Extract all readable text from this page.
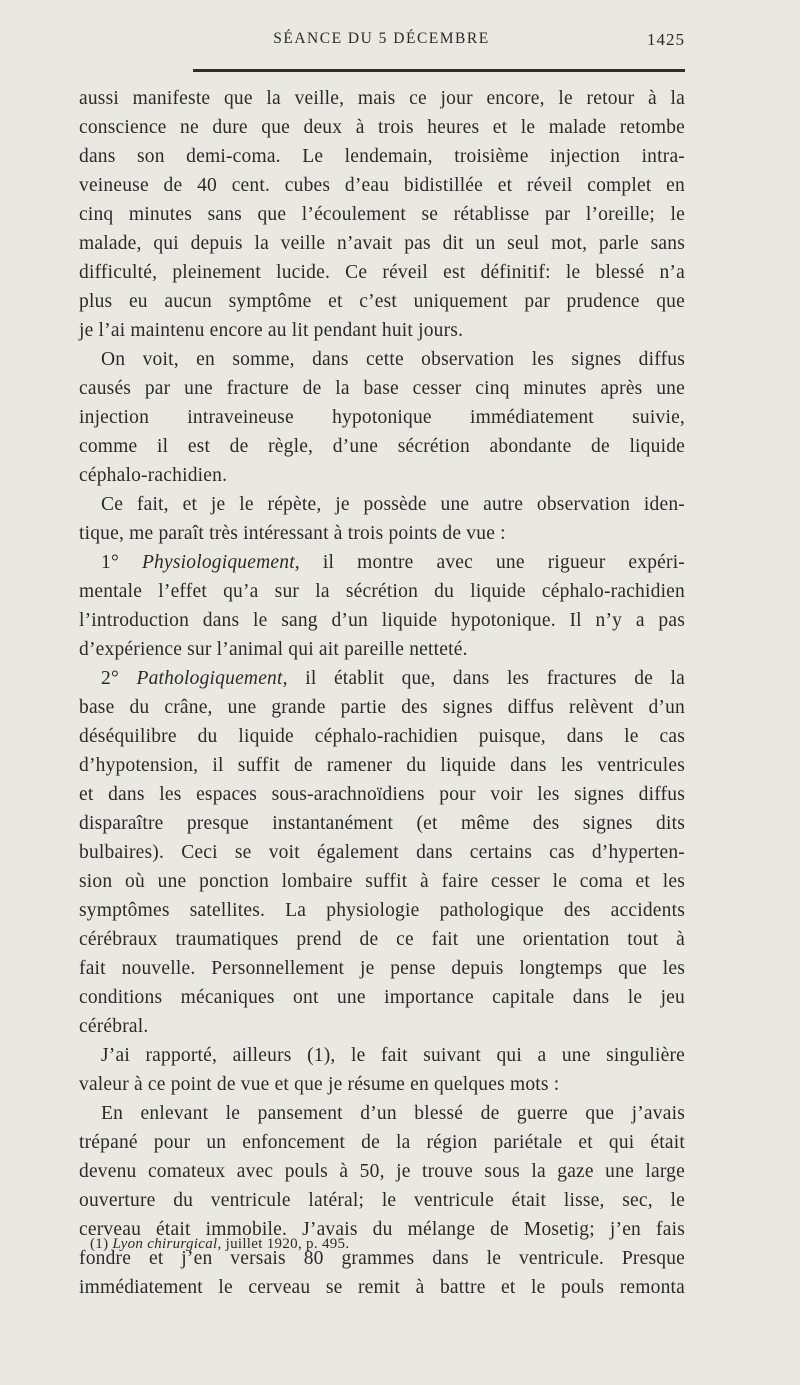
SÉANCE DU 5 DÉCEMBRE	1425
aussi manifeste que la veille, mais ce jour encore, le retour à la
conscience ne dure que deux à trois heures et le malade retombe
dans son demi-coma. Le lendemain, troisième injection intra-
veineuse de 40 cent. cubes d’eau bidistillée et réveil complet en
cinq minutes sans que l’écoulement se rétablisse par l’oreille; le
malade, qui depuis la veille n’avait pas dit un seul mot, parle sans
difficulté, pleinement lucide. Ce réveil est définitif: le blessé n’a
plus eu aucun symptôme et c’est uniquement par prudence que
je l’ai maintenu encore au lit pendant huit jours.
On voit, en somme, dans cette observation les signes diffus
causés par une fracture de la base cesser cinq minutes après une
injection intraveineuse hypotonique immédiatement suivie,
comme il est de règle, d’une sécrétion abondante de liquide
céphalo-rachidien.
Ce fait, et je le répète, je possède une autre observation iden-
tique, me paraît très intéressant à trois points de vue :
1° Physiologiquement, il montre avec une rigueur expéri-
mentale l’effet qu’a sur la sécrétion du liquide céphalo-rachidien
l’introduction dans le sang d’un liquide hypotonique. Il n’y a pas
d’expérience sur l’animal qui ait pareille netteté.
2° Pathologiquement, il établit que, dans les fractures de la
base du crâne, une grande partie des signes diffus relèvent d’un
déséquilibre du liquide céphalo-rachidien puisque, dans le cas
d’hypotension, il suffit de ramener du liquide dans les ventricules
et dans les espaces sous-arachnoïdiens pour voir les signes diffus
disparaître presque instantanément (et même des signes dits
bulbaires). Ceci se voit également dans certains cas d’hyperten-
sion où une ponction lombaire suffit à faire cesser le coma et les
symptômes satellites. La physiologie pathologique des accidents
cérébraux traumatiques prend de ce fait une orientation tout à
fait nouvelle. Personnellement je pense depuis longtemps que les
conditions mécaniques ont une importance capitale dans le jeu
cérébral.
J’ai rapporté, ailleurs (1), le fait suivant qui a une singulière
valeur à ce point de vue et que je résume en quelques mots :
En enlevant le pansement d’un blessé de guerre que j’avais
trépané pour un enfoncement de la région pariétale et qui était
devenu comateux avec pouls à 50, je trouve sous la gaze une large
ouverture du ventricule latéral; le ventricule était lisse, sec, le
cerveau était immobile. J’avais du mélange de Mosetig; j’en fais
fondre et j’en versais 80 grammes dans le ventricule. Presque
immédiatement le cerveau se remit à battre et le pouls remonta
(1) Lyon chirurgical, juillet 1920, p. 495.
